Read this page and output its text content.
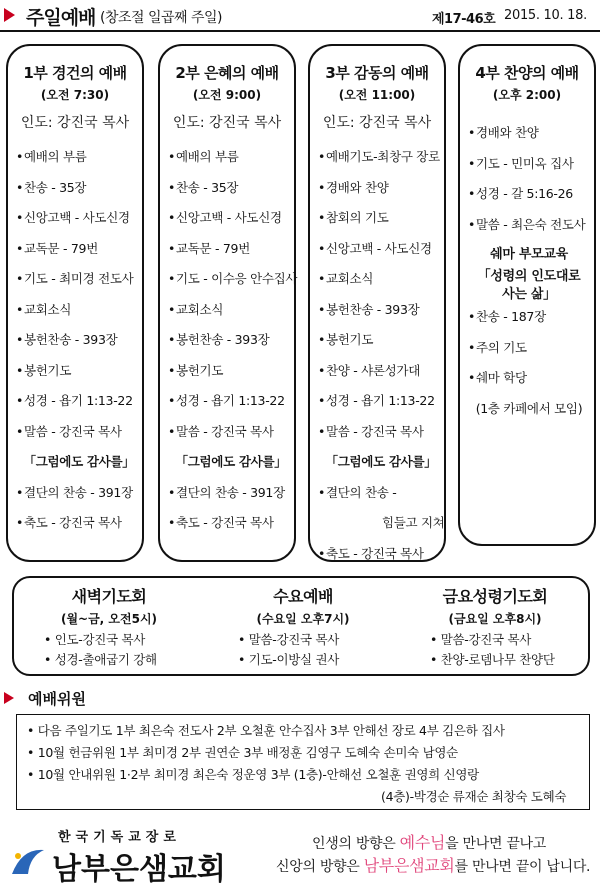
주일예배 (창조절 일곱째 주일)	제17-46호 2015. 10. 18.
1부 경건의 예배
(오전 7:30)
인도: 강진국 목사
•예배의 부름
•찬송 - 35장
•신앙고백 - 사도신경
•교독문 - 79번
•기도 - 최미경 전도사
•교회소식
•봉헌찬송 - 393장
•봉헌기도
•성경 - 욥기 1:13-22
•말씀 - 강진국 목사
「그럼에도 감사를」
•결단의 찬송 - 391장
•축도 - 강진국 목사
2부 은혜의 예배
(오전 9:00)
인도: 강진국 목사
•예배의 부름
•찬송 - 35장
•신앙고백 - 사도신경
•교독문 - 79번
•기도 - 이수응 안수집사
•교회소식
•봉헌찬송 - 393장
•봉헌기도
•성경 - 욥기 1:13-22
•말씀 - 강진국 목사
「그럼에도 감사를」
•결단의 찬송 - 391장
•축도 - 강진국 목사
3부 감동의 예배
(오전 11:00)
인도: 강진국 목사
•예배기도-최창구 장로
•경배와 찬양
•참회의 기도
•신앙고백 - 사도신경
•교회소식
•봉헌찬송 - 393장
•봉헌기도
•찬양 - 샤론성가대
•성경 - 욥기 1:13-22
•말씀 - 강진국 목사
「그럼에도 감사를」
•결단의 찬송 -
힘들고 지쳐
•축도 - 강진국 목사
4부 찬양의 예배
(오후 2:00)
•경배와 찬양
•기도 - 민미옥 집사
•성경 - 갈 5:16-26
•말씀 - 최은숙 전도사
쉐마 부모교육
「성령의 인도대로
사는 삶」
•찬송 - 187장
•주의 기도
•쉐마 학당
(1층 카페에서 모임)
새벽기도회
(월~금, 오전5시)
• 인도-강진국 목사
• 성경-출애굽기 강해
수요예배
(수요일 오후7시)
• 말씀-강진국 목사
• 기도-이방실 권사
금요성령기도회
(금요일 오후8시)
• 말씀-강진국 목사
• 찬양-로뎀나무 찬양단
예배위원
• 다음 주일기도 1부 최은숙 전도사 2부 오철훈 안수집사 3부 안해선 장로 4부 김은하 집사
• 10월 헌금위원 1부 최미경 2부 권연순 3부 배정훈 김영구 도혜숙 손미숙 남영순
• 10월 안내위원 1·2부 최미경 최은숙 정운영 3부 (1층)-안해선 오철훈 권영희 신영랑
(4층)-박경순 류재순 최창숙 도혜숙
한국기독교장로
남부은샘교회
인생의 방향은 예수님을 만나면 끝나고
신앙의 방향은 남부은샘교회를 만나면 끝이 납니다.
